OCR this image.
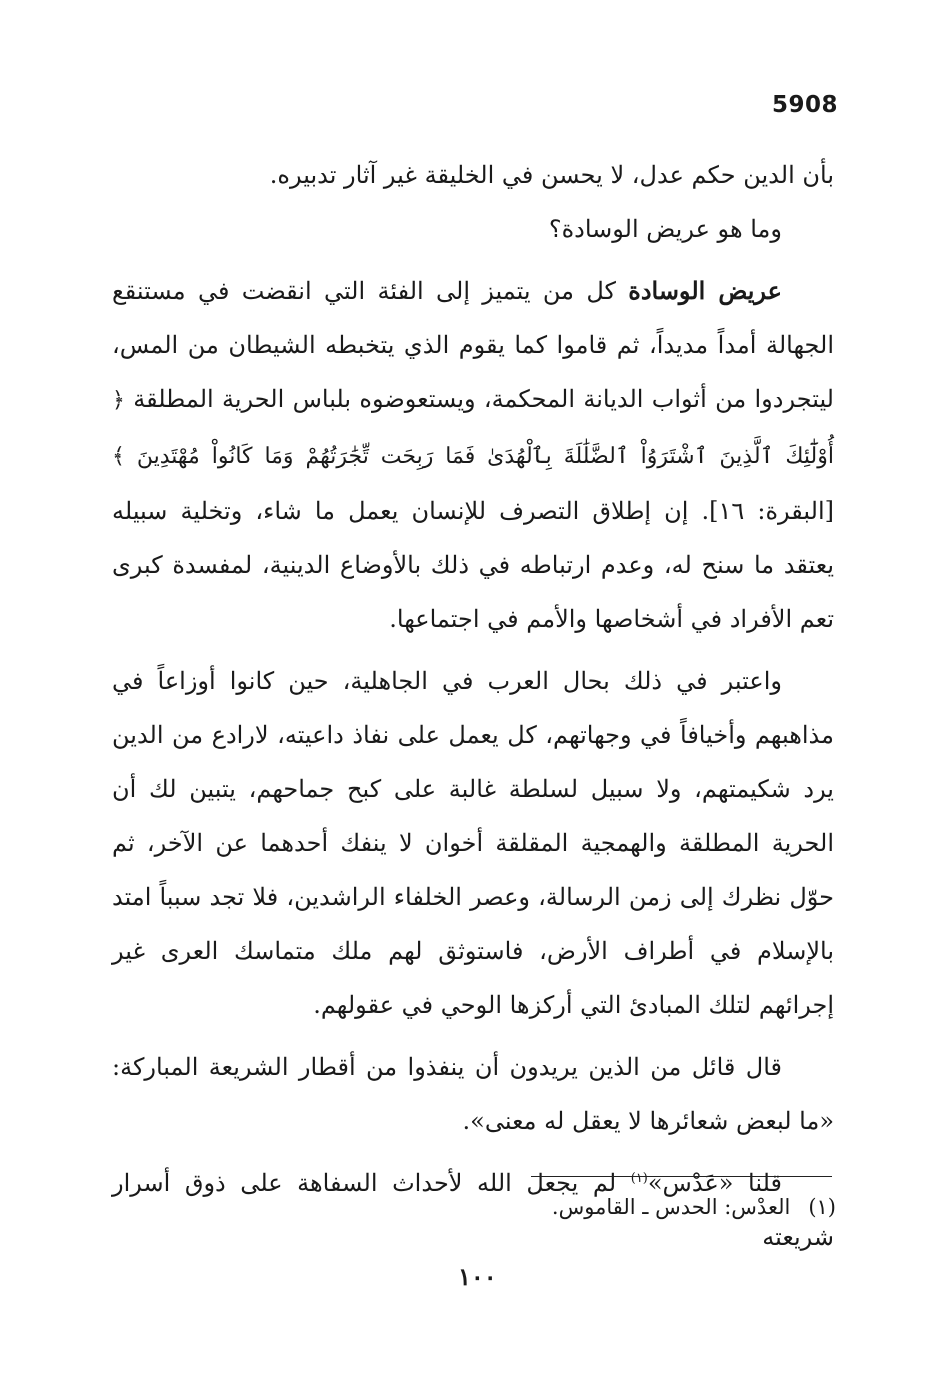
5908

بأن الدين حكم عدل، لا يحسن في الخليقة غير آثار تدبيره.

وما هو عريض الوسادة؟

عريض الوسادة كل من يتميز إلى الفئة التي انقضت في مستنقع الجهالة أمداً مديداً، ثم قاموا كما يقوم الذي يتخبطه الشيطان من المس، ليتجردوا من أثواب الديانة المحكمة، ويستعوضوه بلباس الحرية المطلقة ﴿ أُوْلَٰٓئِكَ ٱلَّذِينَ ٱشْتَرَوُاْ ٱلضَّلَٰلَةَ بِٱلْهُدَىٰ فَمَا رَبِحَت تِّجَٰرَتُهُمْ وَمَا كَانُواْ مُهْتَدِينَ ﴾[البقرة: ١٦]. إن إطلاق التصرف للإنسان يعمل ما شاء، وتخلية سبيله يعتقد ما سنح له، وعدم ارتباطه في ذلك بالأوضاع الدينية، لمفسدة كبرى تعم الأفراد في أشخاصها والأمم في اجتماعها.

واعتبر في ذلك بحال العرب في الجاهلية، حين كانوا أوزاعاً في مذاهبهم وأخيافاً في وجهاتهم، كل يعمل على نفاذ داعيته، لارادع من الدين يرد شكيمتهم، ولا سبيل لسلطة غالبة على كبح جماحهم، يتبين لك أن الحرية المطلقة والهمجية المقلقة أخوان لا ينفك أحدهما عن الآخر، ثم حوّل نظرك إلى زمن الرسالة، وعصر الخلفاء الراشدين، فلا تجد سبباً امتد بالإسلام في أطراف الأرض، فاستوثق لهم ملك متماسك العرى غير إجرائهم لتلك المبادئ التي أركزها الوحي في عقولهم.

قال قائل من الذين يريدون أن ينفذوا من أقطار الشريعة المباركة: «ما لبعض شعائرها لا يعقل له معنى».

قلنا «عَدْس»$^{(١)}$ لم يجعل الله لأحداث السفاهة على ذوق أسرار شريعته

(١)العدْس: الحدس ـ القاموس.
١٠٠
